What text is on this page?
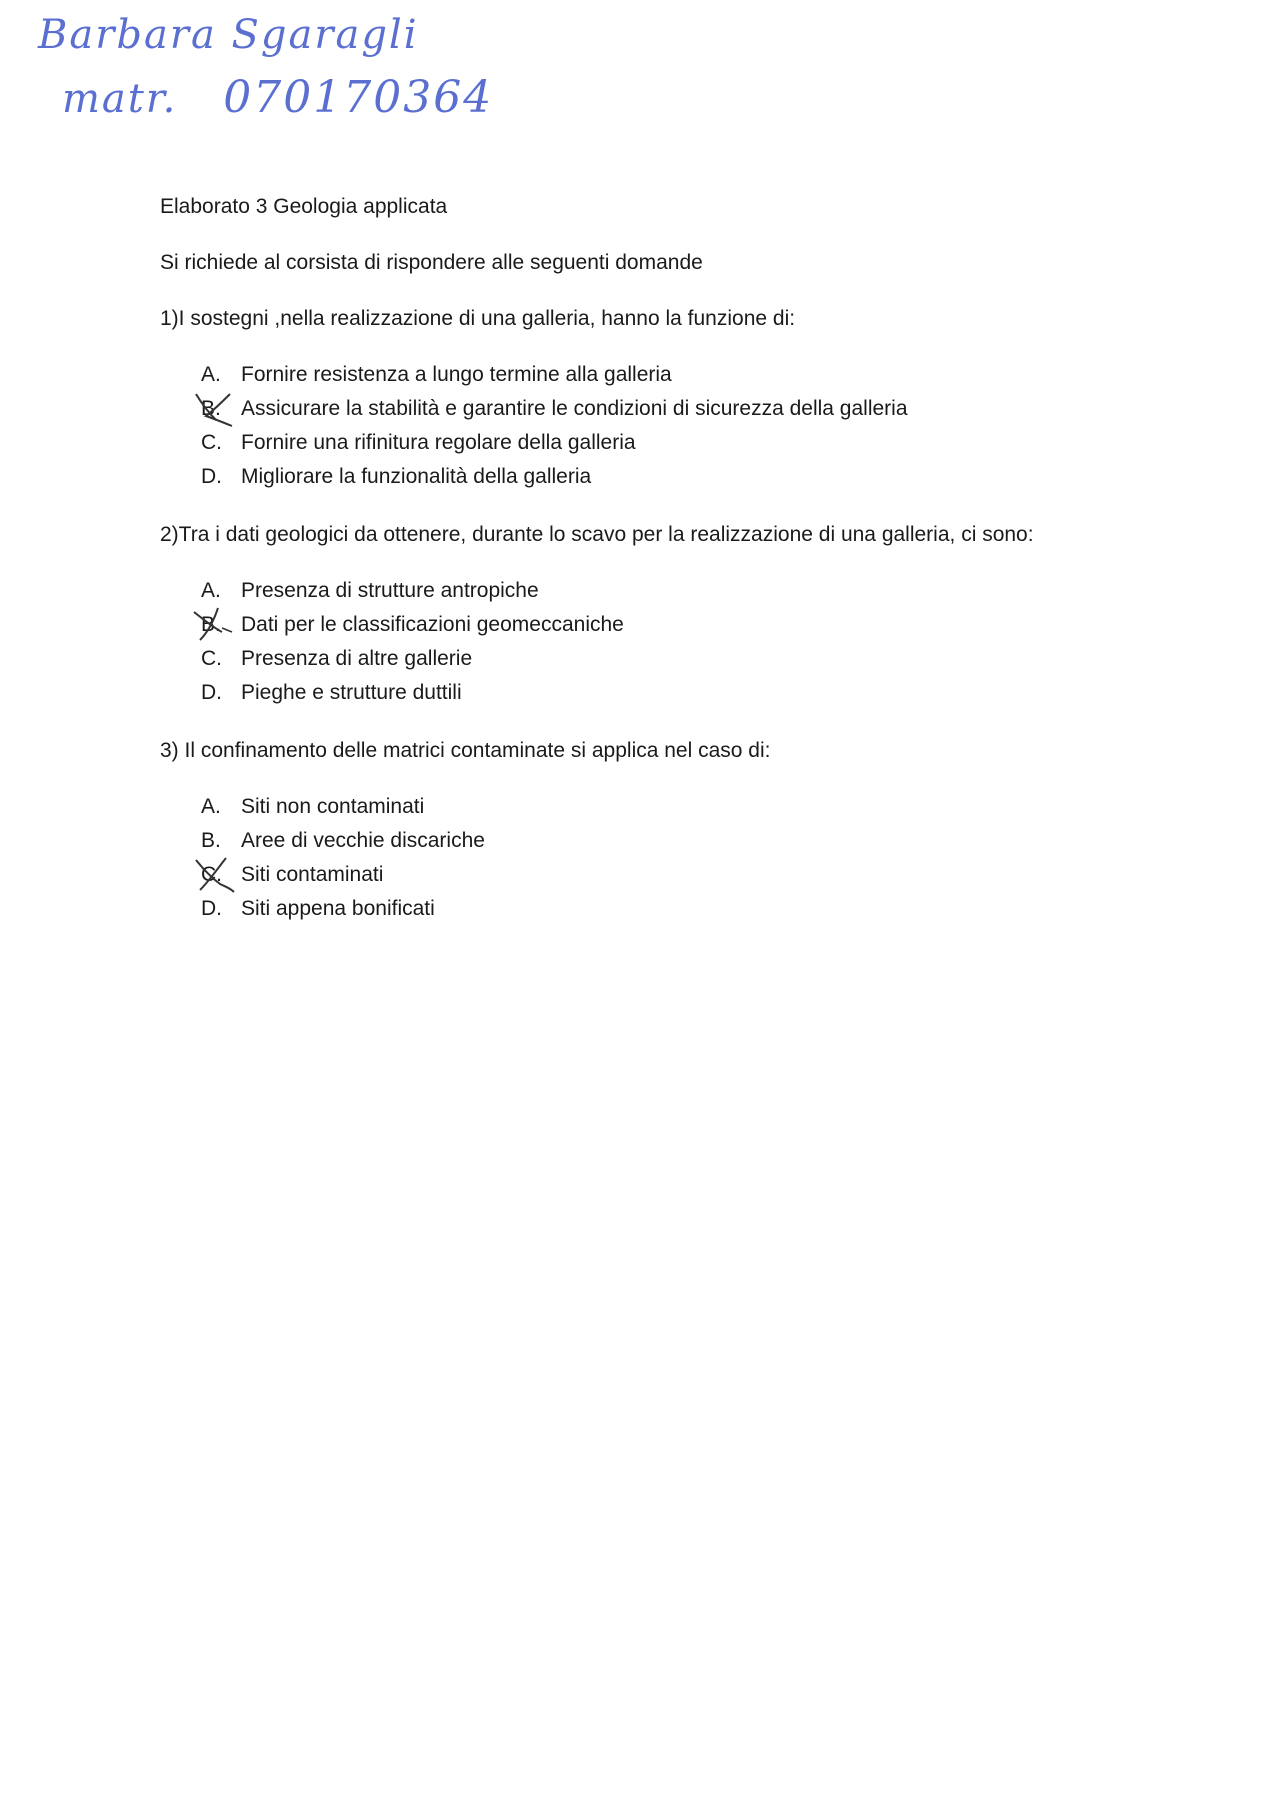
Barbara Sgaragli
matr. 070170364

Elaborato 3 Geologia applicata

Si richiede al corsista di rispondere alle seguenti domande

1)I sostegni ,nella realizzazione di una galleria, hanno la funzione di:

A. Fornire resistenza a lungo termine alla galleria
B. Assicurare la stabilità e garantire le condizioni di sicurezza della galleria
C. Fornire una rifinitura regolare della galleria
D. Migliorare la funzionalità della galleria

2)Tra i dati geologici da ottenere, durante lo scavo per la realizzazione di una galleria, ci sono:

A. Presenza di strutture antropiche
B. Dati per le classificazioni geomeccaniche
C. Presenza di altre gallerie
D. Pieghe e strutture duttili

3) Il confinamento delle matrici contaminate si applica nel caso di:

A. Siti non contaminati
B. Aree di vecchie discariche
C. Siti contaminati
D. Siti appena bonificati
